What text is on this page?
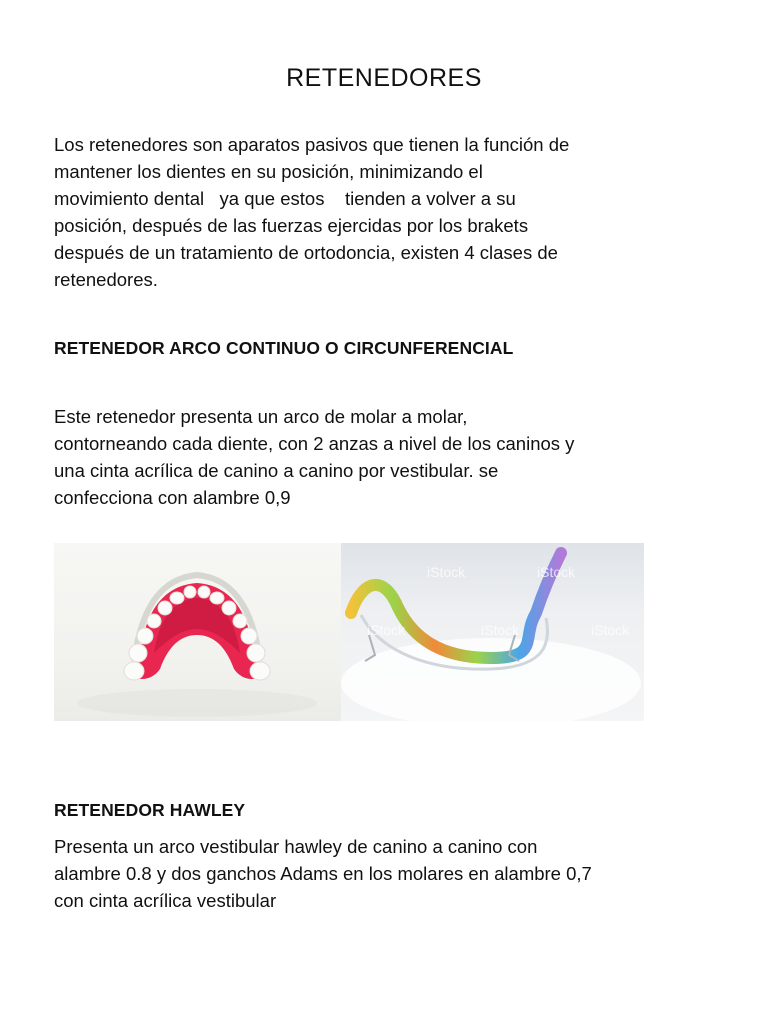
RETENEDORES

Los retenedores son aparatos pasivos que tienen la función de
mantener los dientes en su posición, minimizando el
movimiento dental   ya que estos    tienden a volver a su
posición, después de las fuerzas ejercidas por los brakets
después de un tratamiento de ortodoncia, existen 4 clases de
retenedores.

RETENEDOR ARCO CONTINUO O CIRCUNFERENCIAL

Este retenedor presenta un arco de molar a molar,
contorneando cada diente, con 2 anzas a nivel de los caninos y
una cinta acrílica de canino a canino por vestibular. se
confecciona con alambre 0,9

iStock	iStock
iStock	iStock	iStock
iStock	iStock
RETENEDOR HAWLEY

Presenta un arco vestibular hawley de canino a canino con
alambre 0.8 y dos ganchos Adams en los molares en alambre 0,7
con cinta acrílica vestibular
